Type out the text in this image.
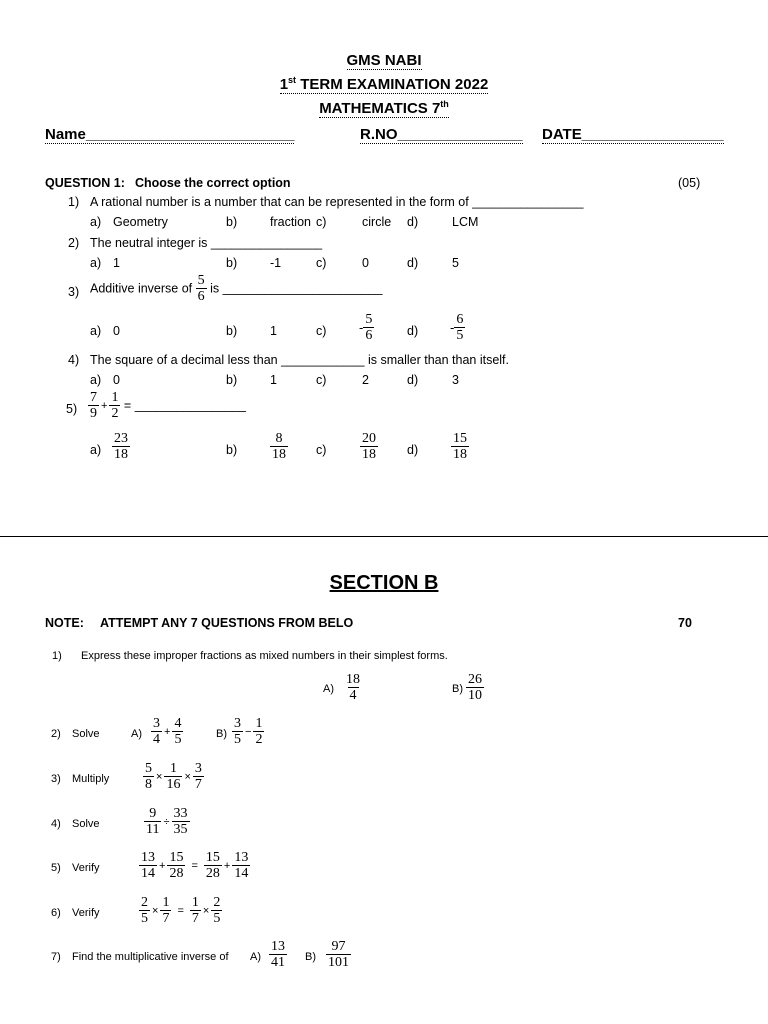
GMS NABI
1st TERM EXAMINATION 2022
MATHEMATICS 7th
Name_________________________	R.NO_______________ DATE_________________
QUESTION 1: Choose the correct option	(05)
1) A rational number is a number that can be represented in the form of ________________
a) Geometry	b)	fraction c)	circle d)	LCM
2) The neutral integer is ________________
a) 1	b)	-1	c)	0	d)	5
3) Additive inverse of $\frac{5}{6}$ is _______________________
a) 0	b)	1	c)	- $\frac{5}{6}$	$d) - \frac{6}{5}$
4) The square of a decimal less than ____________ is smaller than than itself.
a) 0	b)	1	c)	2	d)	3
$5) \frac{7}{9} + \frac{1}{2}$ = ________________
$a) \frac{23}{18}$	$b) \frac{8}{18} c) \frac{20}{18} d) \frac{15}{18}$
SECTION B
NOTE: ATTEMPT ANY 7 QUESTIONS FROM BELO	70
1) Express these improper fractions as mixed numbers in their simplest forms.
$A) \frac{18}{4}$	$B) \frac{26}{10}$
2) Solve	$A) \frac{3}{4} + \frac{4}{5}$	$B) \frac{3}{5} - \frac{1}{2}$
3) Multiply $\frac{5}{8} \times \frac{1}{16} \times \frac{3}{7}$
4) Solve	$\frac{9}{11} \div \frac{33}{35}$
5) Verify	$\frac{13}{14} + \frac{15}{28} = \frac{15}{28} + \frac{13}{14}$
6) Verify	$\frac{2}{5} \times \frac{1}{7} = \frac{1}{7} \times \frac{2}{5}$
7) Find the multiplicative inverse of $A) \frac{13}{41} B) \frac{97}{101}$
